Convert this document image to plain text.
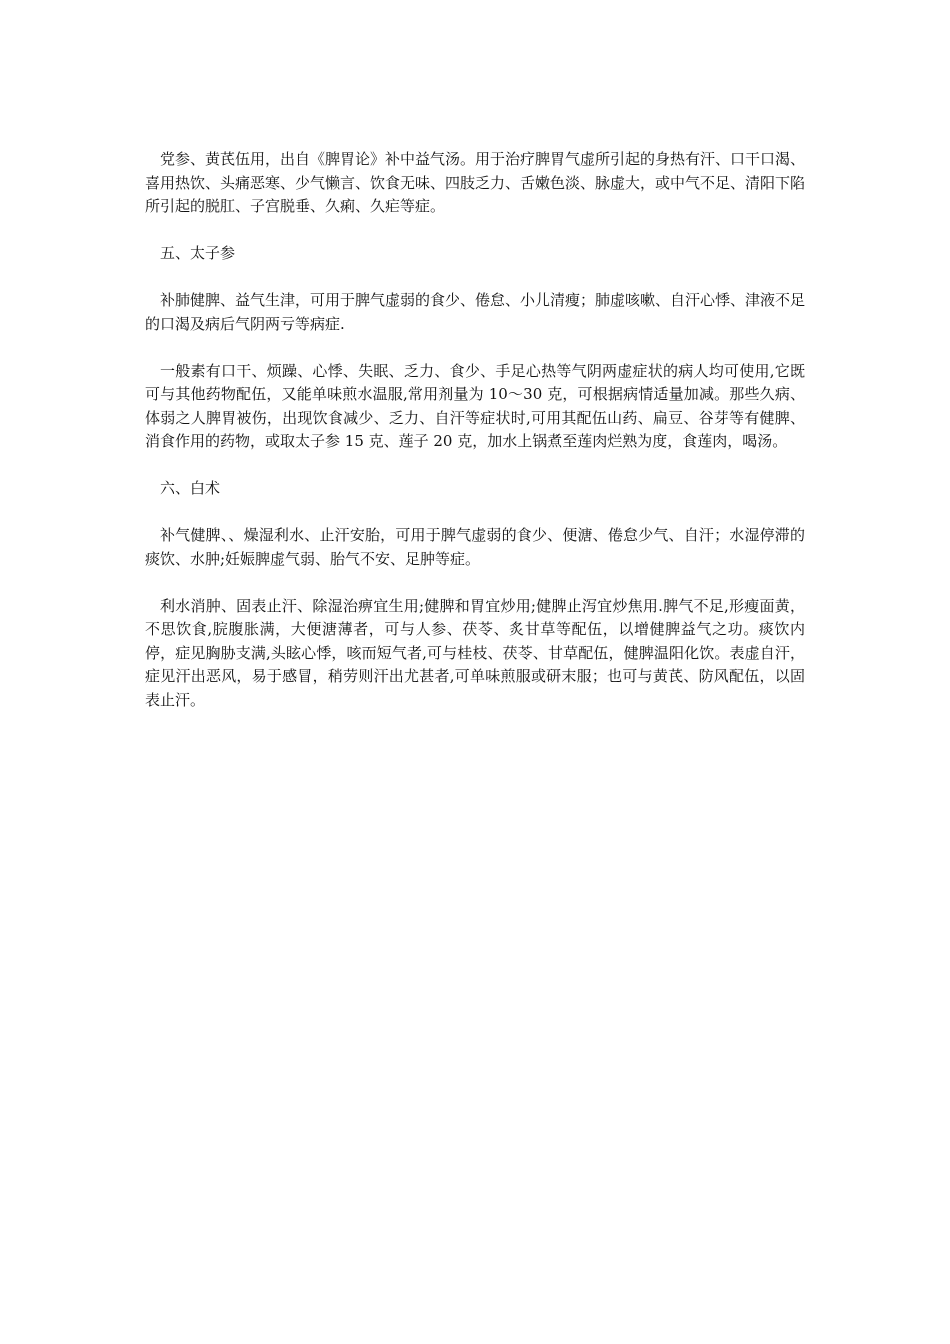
党参、黄芪伍用，出自《脾胃论》补中益气汤。用于治疗脾胃气虚所引起的身热有汗、口干口渴、喜用热饮、头痛恶寒、少气懒言、饮食无味、四肢乏力、舌嫩色淡、脉虚大，或中气不足、清阳下陷所引起的脱肛、子宫脱垂、久痢、久疟等症。

五、太子参

补肺健脾、益气生津，可用于脾气虚弱的食少、倦怠、小儿清瘦；肺虚咳嗽、自汗心悸、津液不足的口渴及病后气阴两亏等病症.

一般素有口干、烦躁、心悸、失眠、乏力、食少、手足心热等气阴两虚症状的病人均可使用,它既可与其他药物配伍，又能单味煎水温服,常用剂量为 10～30 克，可根据病情适量加减。那些久病、体弱之人脾胃被伤，出现饮食减少、乏力、自汗等症状时,可用其配伍山药、扁豆、谷芽等有健脾、消食作用的药物，或取太子参 15 克、莲子 20 克，加水上锅煮至莲肉烂熟为度，食莲肉，喝汤。

六、白术

补气健脾、、燥湿利水、止汗安胎，可用于脾气虚弱的食少、便溏、倦怠少气、自汗；水湿停滞的痰饮、水肿;妊娠脾虚气弱、胎气不安、足肿等症。

利水消肿、固表止汗、除湿治痹宜生用;健脾和胃宜炒用;健脾止泻宜炒焦用.脾气不足,形瘦面黄，不思饮食,脘腹胀满，大便溏薄者，可与人参、茯苓、炙甘草等配伍，以增健脾益气之功。痰饮内停，症见胸胁支满,头眩心悸，咳而短气者,可与桂枝、茯苓、甘草配伍，健脾温阳化饮。表虚自汗，症见汗出恶风，易于感冒，稍劳则汗出尤甚者,可单味煎服或研末服；也可与黄芪、防风配伍，以固表止汗。
